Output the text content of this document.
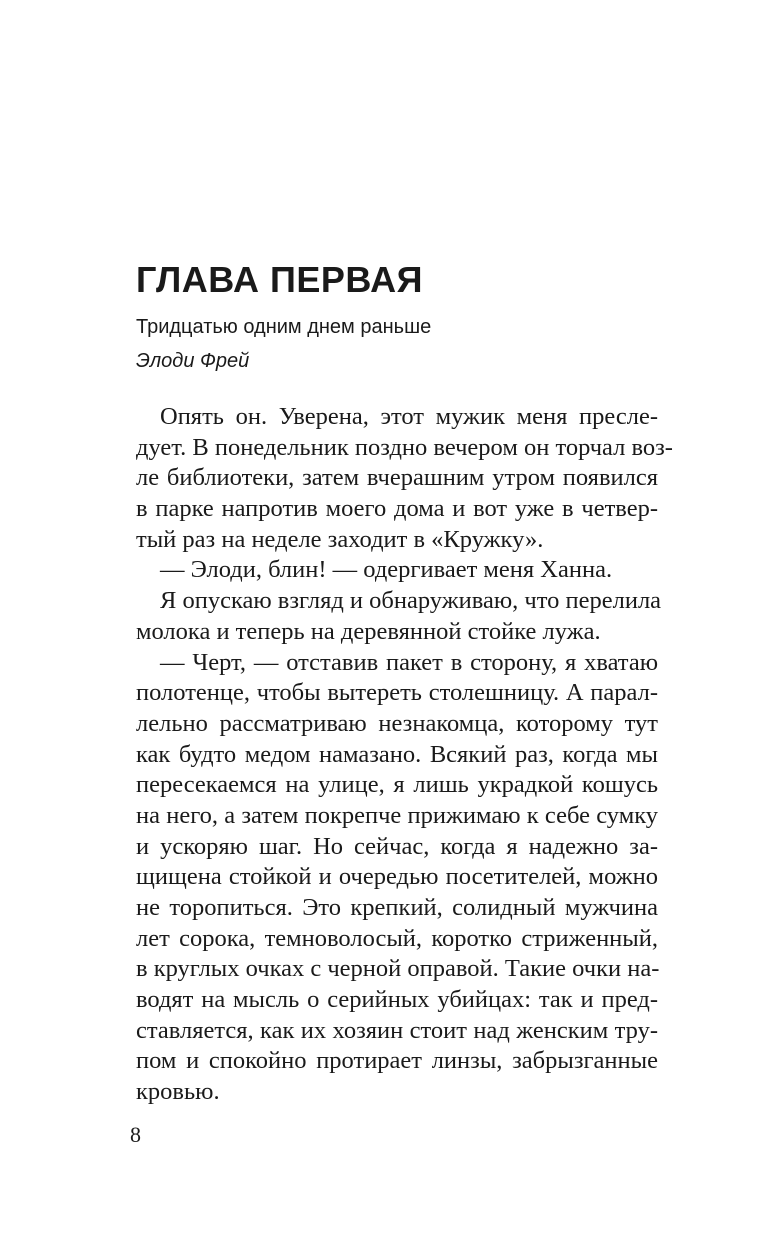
ГЛАВА ПЕРВАЯ

Тридцатью одним днем раньше

Элоди Фрей

Опять он. Уверена, этот мужик меня пресле-
дует. В понедельник поздно вечером он торчал воз-
ле библиотеки, затем вчерашним утром появился
в парке напротив моего дома и вот уже в четвер-
тый раз на неделе заходит в «Кружку».
— Элоди, блин! — одергивает меня Ханна.
Я опускаю взгляд и обнаруживаю, что перелила
молока и теперь на деревянной стойке лужа.
— Черт, — отставив пакет в сторону, я хватаю
полотенце, чтобы вытереть столешницу. А парал-
лельно рассматриваю незнакомца, которому тут
как будто медом намазано. Всякий раз, когда мы
пересекаемся на улице, я лишь украдкой кошусь
на него, а затем покрепче прижимаю к себе сумку
и ускоряю шаг. Но сейчас, когда я надежно за-
щищена стойкой и очередью посетителей, можно
не торопиться. Это крепкий, солидный мужчина
лет сорока, темноволосый, коротко стриженный,
в круглых очках с черной оправой. Такие очки на-
водят на мысль о серийных убийцах: так и пред-
ставляется, как их хозяин стоит над женским тру-
пом и спокойно протирает линзы, забрызганные
кровью.

8
